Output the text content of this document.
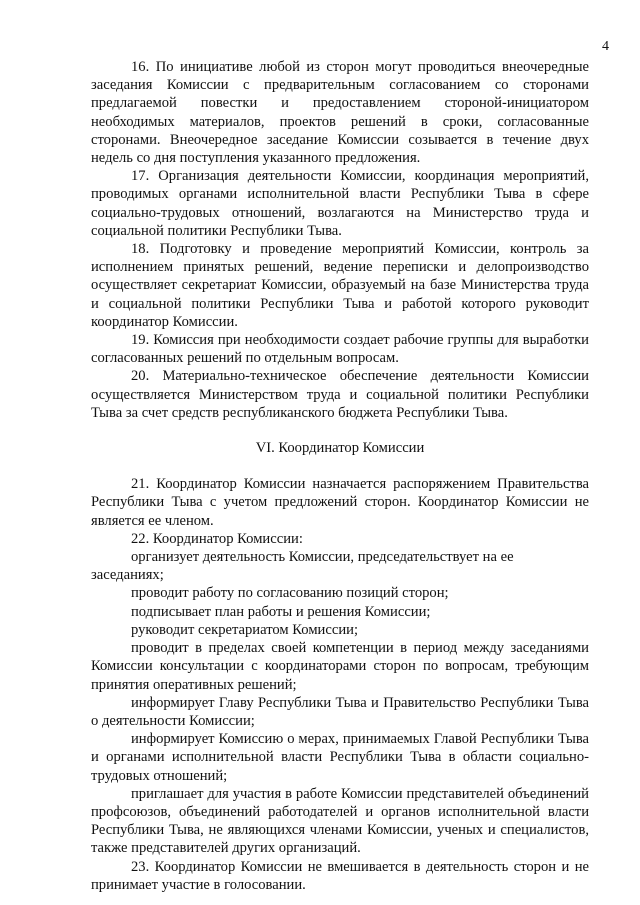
4

16. По инициативе любой из сторон могут проводиться внеочередные заседания Комиссии с предварительным согласованием со сторонами предлагаемой повестки и предоставлением стороной-инициатором необходимых материалов, проектов решений в сроки, согласованные сторонами. Внеочередное заседание Комиссии созывается в течение двух недель со дня поступления указанного предложения.

17. Организация деятельности Комиссии, координация мероприятий, проводимых органами исполнительной власти Республики Тыва в сфере социально-трудовых отношений, возлагаются на Министерство труда и социальной политики Республики Тыва.

18. Подготовку и проведение мероприятий Комиссии, контроль за исполнением принятых решений, ведение переписки и делопроизводство осуществляет секретариат Комиссии, образуемый на базе Министерства труда и социальной политики Республики Тыва и работой которого руководит координатор Комиссии.

19. Комиссия при необходимости создает рабочие группы для выработки согласованных решений по отдельным вопросам.

20. Материально-техническое обеспечение деятельности Комиссии осуществляется Министерством труда и социальной политики Республики Тыва за счет средств республиканского бюджета Республики Тыва.

VI. Координатор Комиссии

21. Координатор Комиссии назначается распоряжением Правительства Республики Тыва с учетом предложений сторон. Координатор Комиссии не является ее членом.

22. Координатор Комиссии:

организует деятельность Комиссии, председательствует на ее заседаниях;

проводит работу по согласованию позиций сторон;

подписывает план работы и решения Комиссии;

руководит секретариатом Комиссии;

проводит в пределах своей компетенции в период между заседаниями Комиссии консультации с координаторами сторон по вопросам, требующим принятия оперативных решений;

информирует Главу Республики Тыва и Правительство Республики Тыва о деятельности Комиссии;

информирует Комиссию о мерах, принимаемых Главой Республики Тыва и органами исполнительной власти Республики Тыва в области социально-трудовых отношений;

приглашает для участия в работе Комиссии представителей объединений профсоюзов, объединений работодателей и органов исполнительной власти Республики Тыва, не являющихся членами Комиссии, ученых и специалистов, также представителей других организаций.

23. Координатор Комиссии не вмешивается в деятельность сторон и не принимает участие в голосовании.
